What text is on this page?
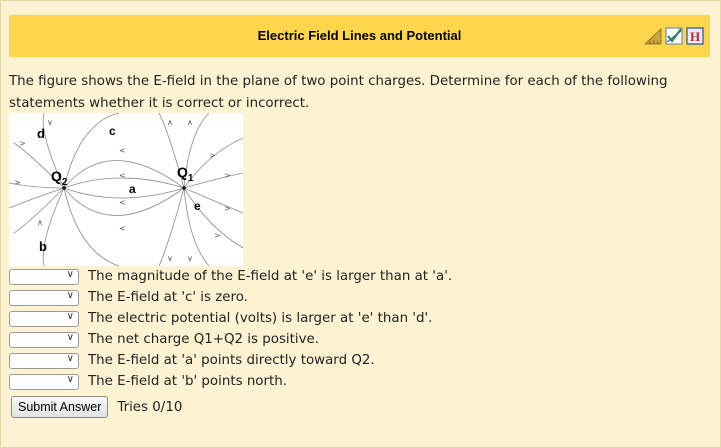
Electric Field Lines and Potential	H
The figure shows the E-field in the plane of two point charges. Determine for each of the following statements whether it is correct or incorrect.
>
∨
<
<
<
<
>
>
>
>
∧
∧
∨
∨
∧
>
d	c
$Q_2$
$Q_1$
a
e
b
∨ The magnitude of the E-field at 'e' is larger than at 'a'.
∨ The E-field at 'c' is zero.
∨ The electric potential (volts) is larger at 'e' than 'd'.
∨ The net charge Q1+Q2 is positive.
∨ The E-field at 'a' points directly toward Q2.
∨ The E-field at 'b' points north.
Submit Answer	Tries 0/10
